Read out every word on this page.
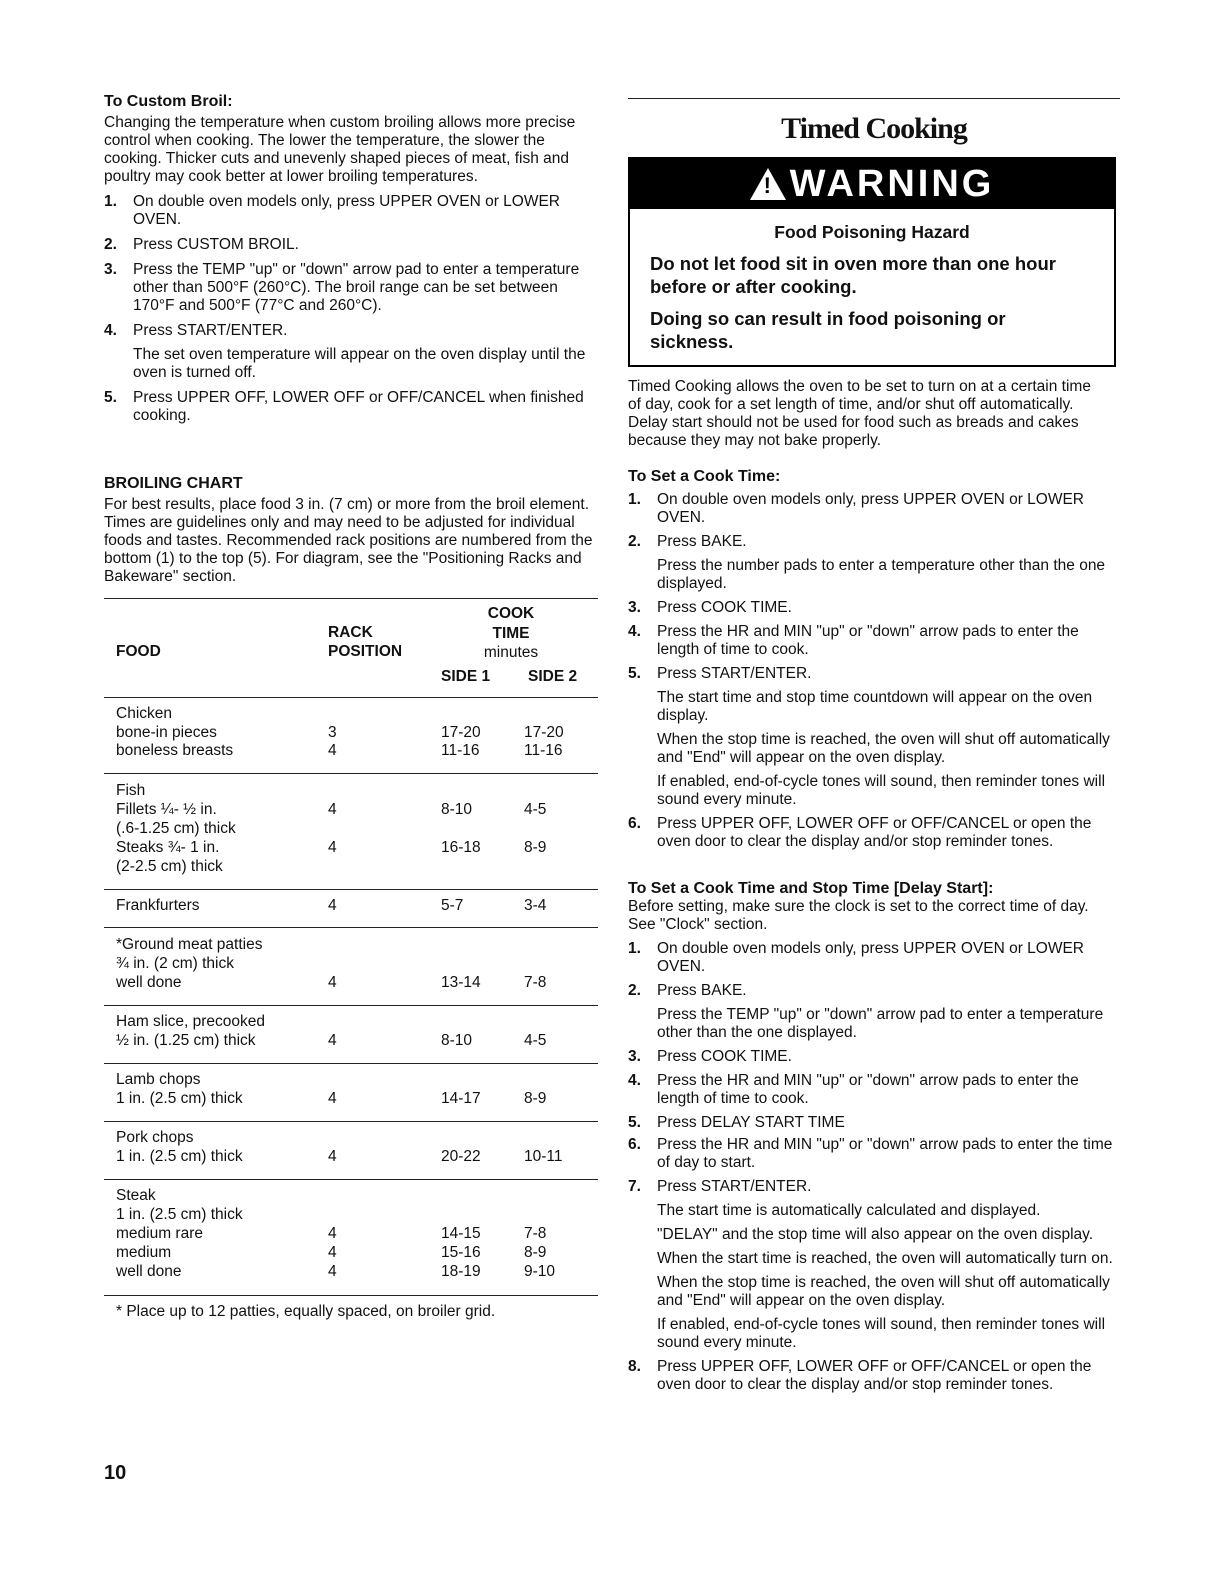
To Custom Broil:

Changing the temperature when custom broiling allows more precise control when cooking. The lower the temperature, the slower the cooking. Thicker cuts and unevenly shaped pieces of meat, fish and poultry may cook better at lower broiling temperatures.

1. On double oven models only, press UPPER OVEN or LOWER OVEN.
2. Press CUSTOM BROIL.
3. Press the TEMP "up" or "down" arrow pad to enter a temperature other than 500°F (260°C). The broil range can be set between 170°F and 500°F (77°C and 260°C).
4. Press START/ENTER.
The set oven temperature will appear on the oven display until the oven is turned off.
5. Press UPPER OFF, LOWER OFF or OFF/CANCEL when finished cooking.
BROILING CHART

For best results, place food 3 in. (7 cm) or more from the broil element. Times are guidelines only and may need to be adjusted for individual foods and tastes. Recommended rack positions are numbered from the bottom (1) to the top (5). For diagram, see the "Positioning Racks and Bakeware" section.

COOK
TIME
minutes
RACK
POSITION
FOOD
SIDE 1 SIDE 2
Chicken
bone-in pieces	3	17-20	17-20
boneless breasts	4	11-16	11-16
Fish
Fillets ¼- ½ in.	4	8-10	4-5
(.6-1.25 cm) thick
Steaks ¾- 1 in.	4	16-18	8-9
(2-2.5 cm) thick
Frankfurters	4	5-7	3-4
*Ground meat patties
¾ in. (2 cm) thick
well done	4	13-14	7-8
Ham slice, precooked
½ in. (1.25 cm) thick	4	8-10	4-5
Lamb chops
1 in. (2.5 cm) thick	4	14-17	8-9
Pork chops
1 in. (2.5 cm) thick	4	20-22	10-11
Steak
1 in. (2.5 cm) thick
medium rare	4	14-15	7-8
medium	4	15-16	8-9
well done	4	18-19	9-10
* Place up to 12 patties, equally spaced, on broiler grid.
Timed Cooking
! WARNING
Food Poisoning Hazard
Do not let food sit in oven more than one hour
before or after cooking.
Doing so can result in food poisoning or
sickness.

Timed Cooking allows the oven to be set to turn on at a certain time of day, cook for a set length of time, and/or shut off automatically. Delay start should not be used for food such as breads and cakes because they may not bake properly.

To Set a Cook Time:
1. On double oven models only, press UPPER OVEN or LOWER OVEN.
2. Press BAKE.
Press the number pads to enter a temperature other than the one displayed.
3. Press COOK TIME.
4. Press the HR and MIN "up" or "down" arrow pads to enter the length of time to cook.
5. Press START/ENTER.
The start time and stop time countdown will appear on the oven display.
When the stop time is reached, the oven will shut off automatically and "End" will appear on the oven display.
If enabled, end-of-cycle tones will sound, then reminder tones will sound every minute.
6. Press UPPER OFF, LOWER OFF or OFF/CANCEL or open the oven door to clear the display and/or stop reminder tones.
To Set a Cook Time and Stop Time [Delay Start]:

Before setting, make sure the clock is set to the correct time of day. See "Clock" section.

1. On double oven models only, press UPPER OVEN or LOWER OVEN.
2. Press BAKE.
Press the TEMP "up" or "down" arrow pad to enter a temperature other than the one displayed.
3. Press COOK TIME.
4. Press the HR and MIN "up" or "down" arrow pads to enter the length of time to cook.
5. Press DELAY START TIME
6. Press the HR and MIN "up" or "down" arrow pads to enter the time of day to start.
7. Press START/ENTER.
The start time is automatically calculated and displayed.
"DELAY" and the stop time will also appear on the oven display.
When the start time is reached, the oven will automatically turn on.
When the stop time is reached, the oven will shut off automatically and "End" will appear on the oven display.
If enabled, end-of-cycle tones will sound, then reminder tones will sound every minute.
8. Press UPPER OFF, LOWER OFF or OFF/CANCEL or open the oven door to clear the display and/or stop reminder tones.
10
